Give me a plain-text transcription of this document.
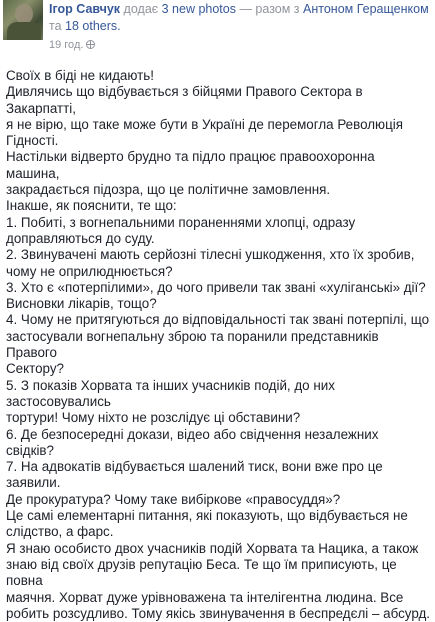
Ігор Савчук додає 3 new photos — разом з Антоном Геращенком та 18 others.
19 год.

Своїх в біді не кидають!

Дивлячись що відбувається з бійцями Правого Сектора в Закарпатті,

я не вірю, що таке може бути в Україні де перемогла Революція

Гідності.

Настільки відверто брудно та підло працює правоохоронна машина,

закрадається підозра, що це політичне замовлення.

Інакше, як пояснити, те що:

1. Побиті, з вогнепальними пораненнями хлопці, одразу

доправляються до суду.

2. Звинувачені мають серйозні тілесні ушкодження, хто їх зробив,

чому не оприлюднюється?

3. Хто є «потерпілими», до чого привели так звані «хуліганські» дії?

Висновки лікарів, тощо?

4. Чому не притягуються до відповідальності так звані потерпілі, що

застосували вогнепальну зброю та поранили представників Правого

Сектору?

5. З показів Хорвата та інших учасників подій, до них застосовувались

тортури! Чому ніхто не розслідує ці обставини?

6. Де безпосередні докази, відео або свідчення незалежних свідків?

7. На адвокатів відбувається шалений тиск, вони вже про це заявили.

Де прокуратура? Чому таке вибіркове «правосуддя»?

Це самі елементарні питання, які показують, що відбувається не

слідство, а фарс.

Я знаю особисто двох учасників подій Хорвата та Нацика, а також

знаю від своїх друзів репутацію Беса. Те що їм приписують, це повна

маячня. Хорват дуже урівноважена та інтелігентна людина. Все

робить розсудливо. Тому якісь звинувачення в беспредєлі – абсурд.
